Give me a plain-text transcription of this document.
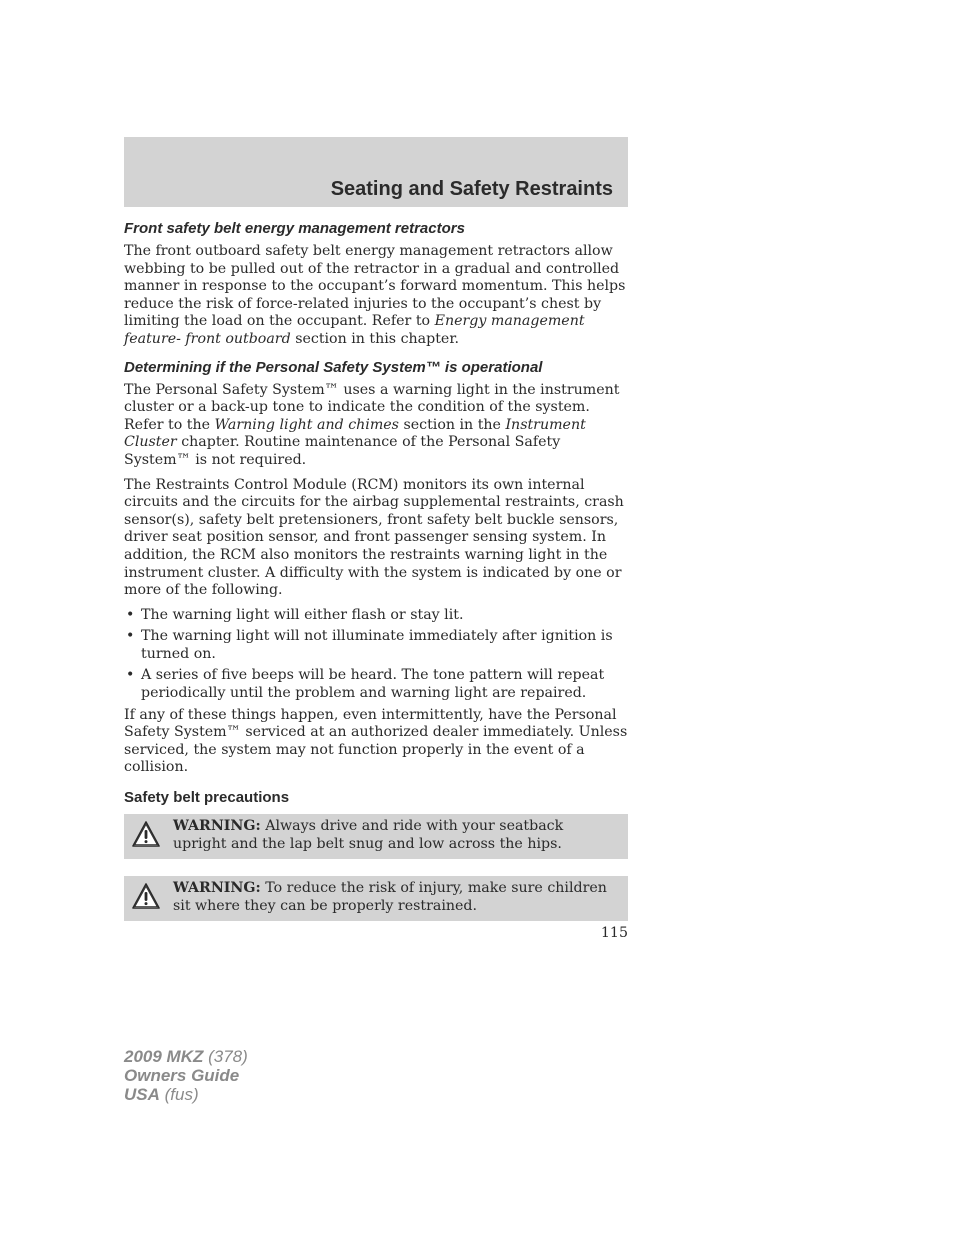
Seating and Safety Restraints
Front safety belt energy management retractors

The front outboard safety belt energy management retractors allow webbing to be pulled out of the retractor in a gradual and controlled manner in response to the occupant’s forward momentum. This helps reduce the risk of force-related injuries to the occupant’s chest by limiting the load on the occupant. Refer to Energy management feature- front outboard section in this chapter.

Determining if the Personal Safety System™ is operational

The Personal Safety System™ uses a warning light in the instrument cluster or a back-up tone to indicate the condition of the system. Refer to the Warning light and chimes section in the Instrument Cluster chapter. Routine maintenance of the Personal Safety System™ is not required.

The Restraints Control Module (RCM) monitors its own internal circuits and the circuits for the airbag supplemental restraints, crash sensor(s), safety belt pretensioners, front safety belt buckle sensors, driver seat position sensor, and front passenger sensing system. In addition, the RCM also monitors the restraints warning light in the instrument cluster. A difficulty with the system is indicated by one or more of the following.

• The warning light will either flash or stay lit.
• The warning light will not illuminate immediately after ignition is turned on.
• A series of five beeps will be heard. The tone pattern will repeat periodically until the problem and warning light are repaired.

If any of these things happen, even intermittently, have the Personal Safety System™ serviced at an authorized dealer immediately. Unless serviced, the system may not function properly in the event of a collision.

Safety belt precautions
WARNING: Always drive and ride with your seatback upright and the lap belt snug and low across the hips.
WARNING: To reduce the risk of injury, make sure children sit where they can be properly restrained.
115
2009 MKZ (378)
Owners Guide
USA (fus)
